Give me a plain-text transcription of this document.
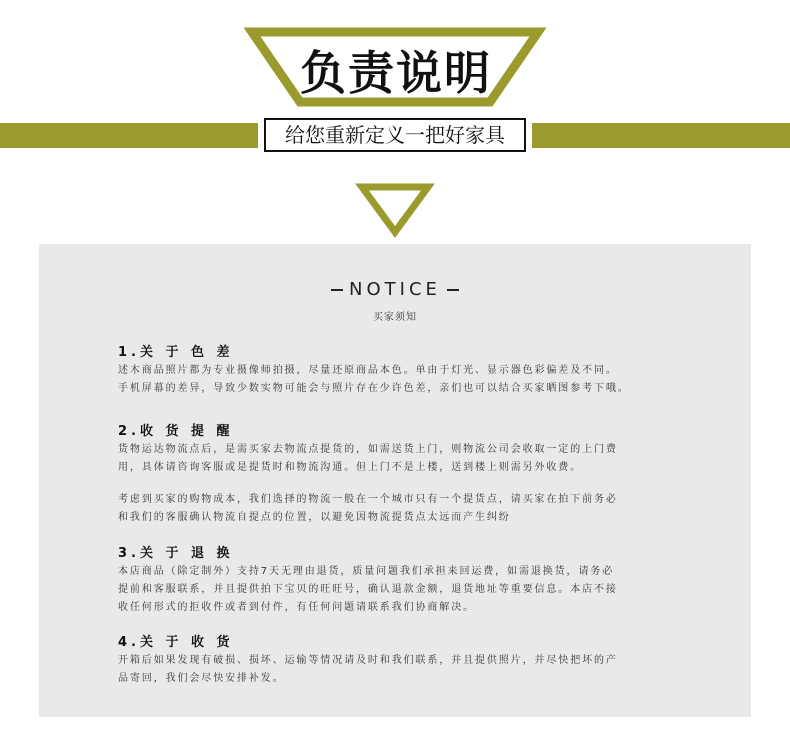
负责说明
给您重新定义一把好家具
NOTICE
买家须知
1.关 于 色 差

述木商品照片都为专业摄像师拍摄，尽量还原商品本色。单由于灯光、显示器色彩偏差及不同。
手机屏幕的差异，导致少数实物可能会与照片存在少许色差，亲们也可以结合买家晒图参考下哦。

2.收 货 提 醒

货物运达物流点后，是需买家去物流点提货的，如需送货上门，则物流公司会收取一定的上门费
用，具体请咨询客服或是提货时和物流沟通。但上门不是上楼，送到楼上则需另外收费。

考虑到买家的购物成本，我们选择的物流一般在一个城市只有一个提货点，请买家在拍下前务必
和我们的客服确认物流自提点的位置，以避免因物流提货点太远而产生纠纷

3.关 于 退 换

本店商品（除定制外）支持7天无理由退货，质量问题我们承担来回运费，如需退换货，请务必
提前和客服联系，并且提供拍下宝贝的旺旺号，确认退款金额，退货地址等重要信息。本店不接
收任何形式的拒收件或者到付件，有任何问题请联系我们协商解决。

4.关 于 收 货

开箱后如果发现有破损、损坏、运输等情况请及时和我们联系，并且提供照片，并尽快把坏的产
品寄回，我们会尽快安排补发。
